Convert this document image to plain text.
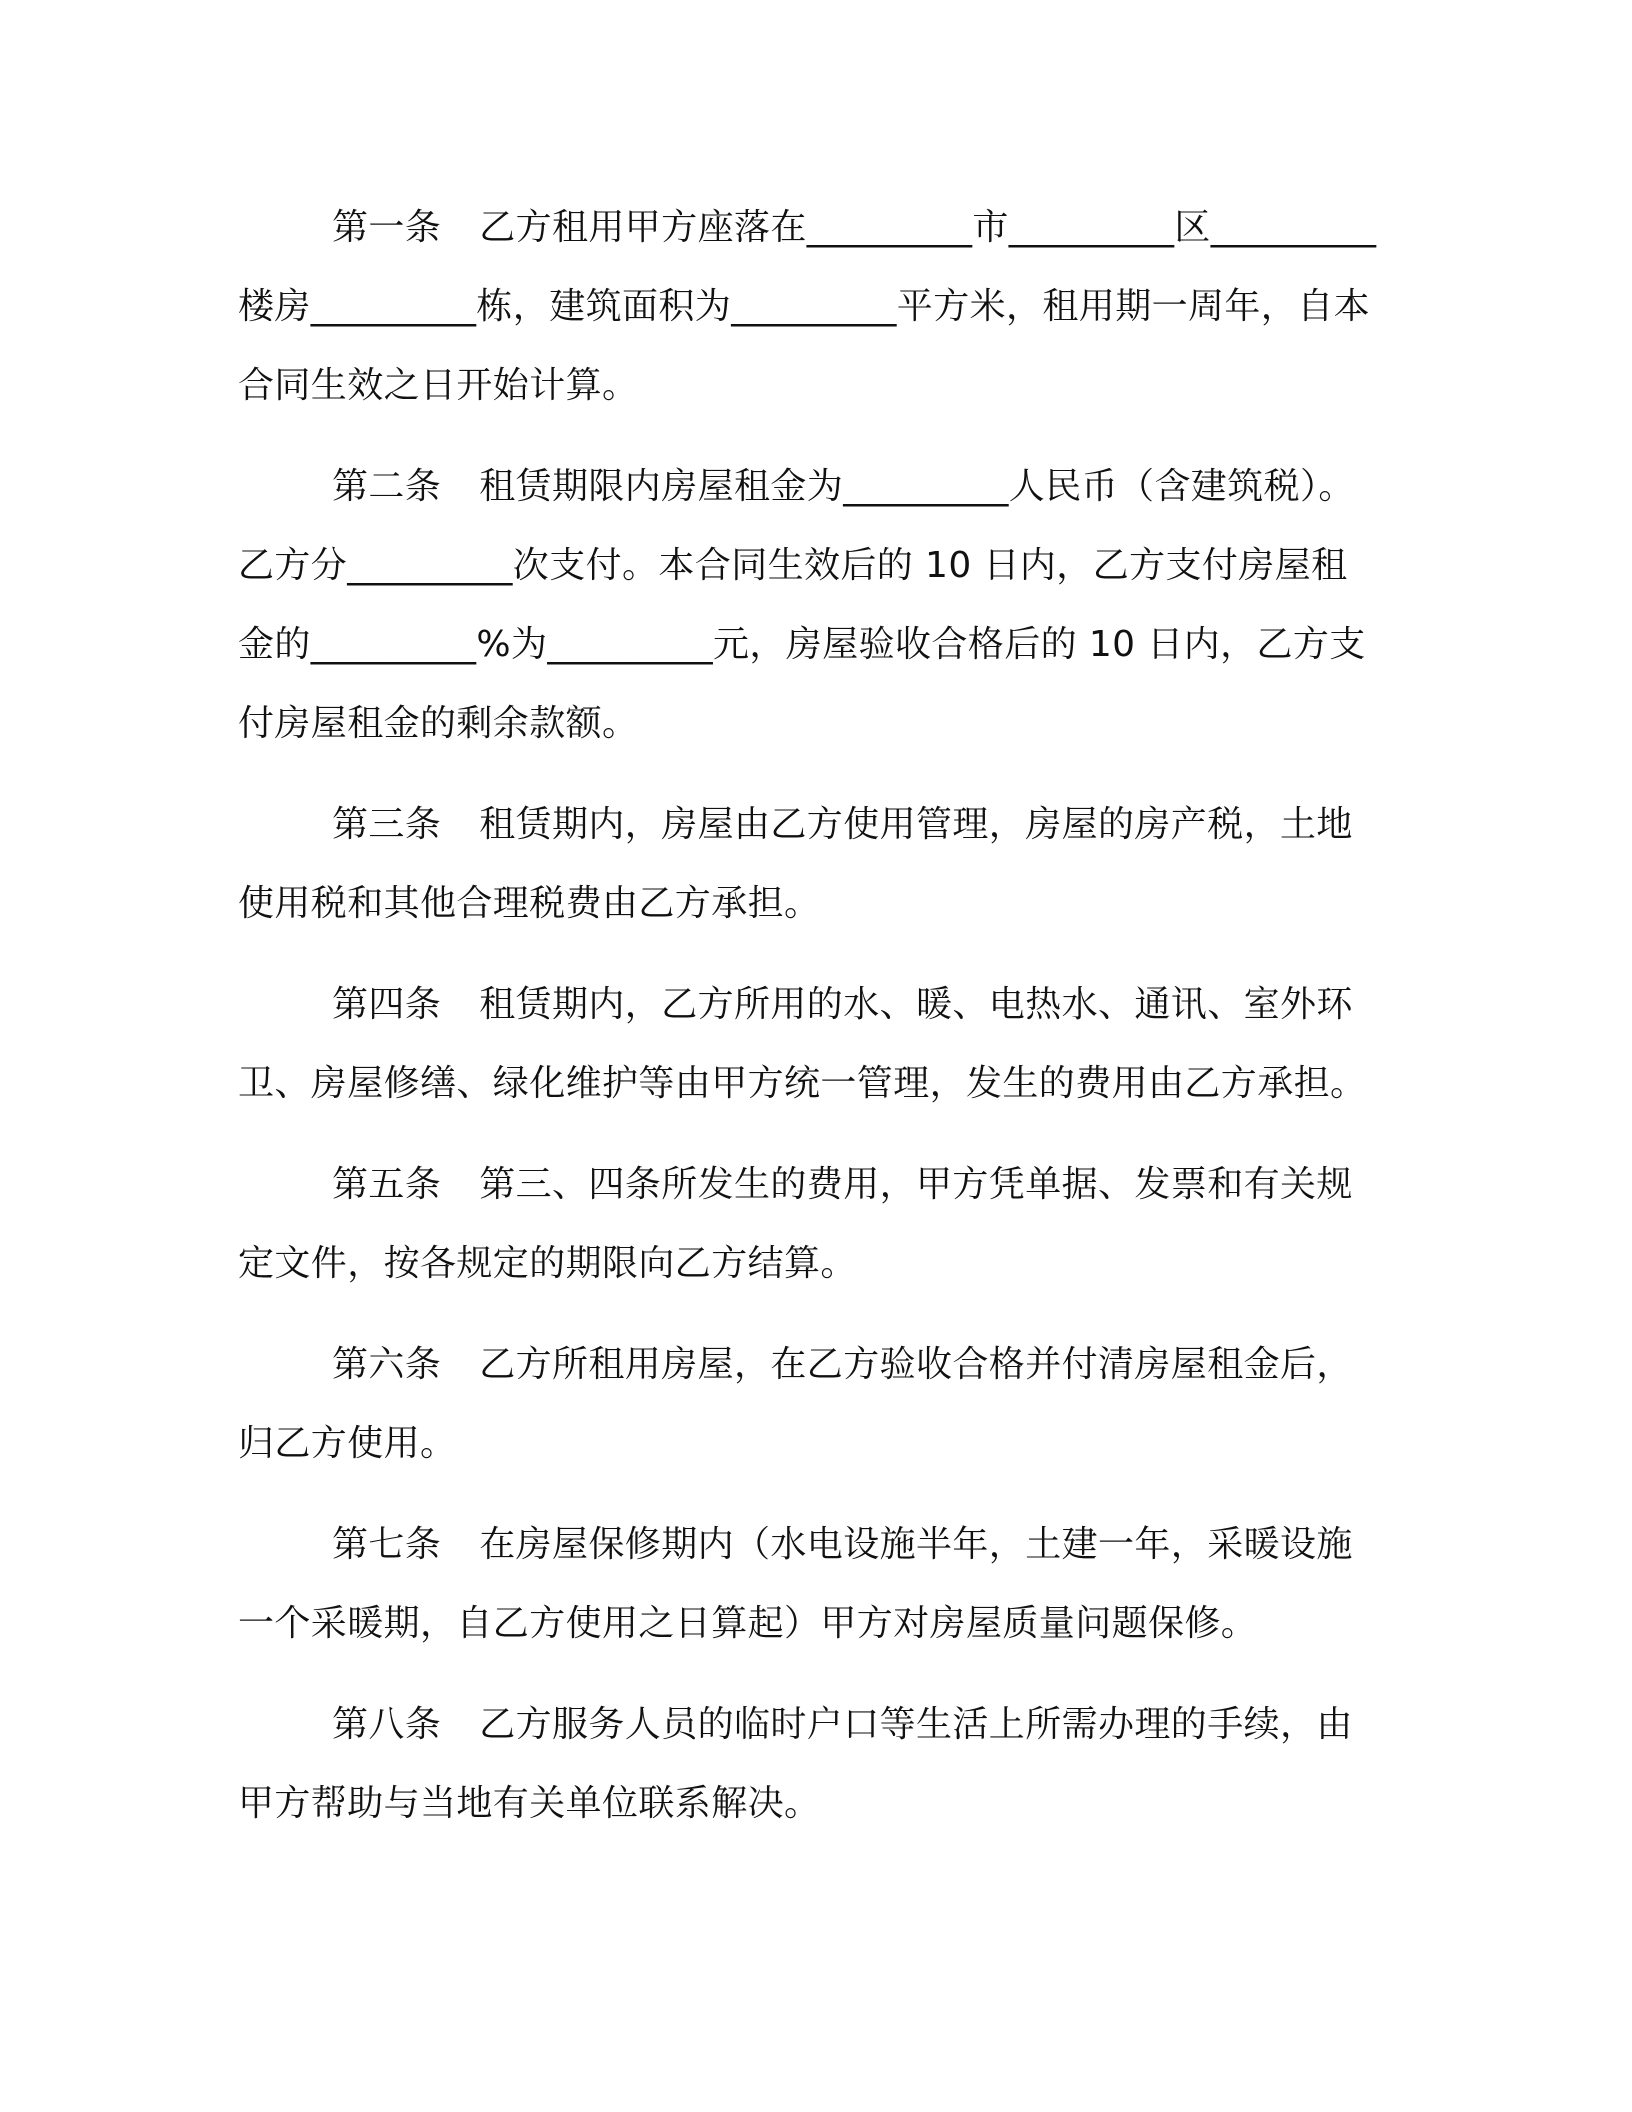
第一条 乙方租用甲方座落在_________市_________区_________楼房_________栋，建筑面积为_________平方米，租用期一周年，自本合同生效之日开始计算。

第二条 租赁期限内房屋租金为_________人民币（含建筑税）。乙方分_________次支付。本合同生效后的 10 日内，乙方支付房屋租金的_________%为_________元，房屋验收合格后的 10 日内，乙方支付房屋租金的剩余款额。

第三条 租赁期内，房屋由乙方使用管理，房屋的房产税，土地使用税和其他合理税费由乙方承担。

第四条 租赁期内，乙方所用的水、暖、电热水、通讯、室外环卫、房屋修缮、绿化维护等由甲方统一管理，发生的费用由乙方承担。

第五条 第三、四条所发生的费用，甲方凭单据、发票和有关规定文件，按各规定的期限向乙方结算。

第六条 乙方所租用房屋，在乙方验收合格并付清房屋租金后，归乙方使用。

第七条 在房屋保修期内（水电设施半年，土建一年，采暖设施一个采暖期，自乙方使用之日算起）甲方对房屋质量问题保修。

第八条 乙方服务人员的临时户口等生活上所需办理的手续，由甲方帮助与当地有关单位联系解决。
